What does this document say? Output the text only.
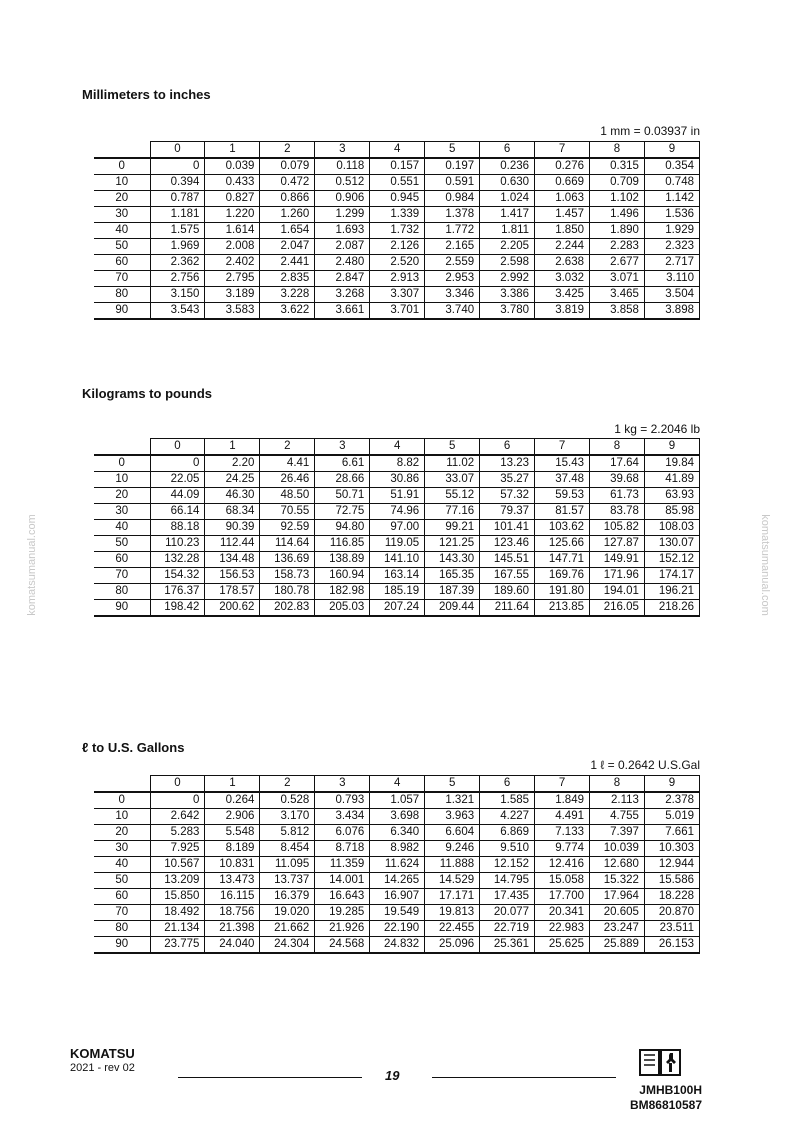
Millimeters to inches

1 mm = 0.03937 in

	0	1	2	3	4	5	6	7	8	9
0	0	0.039	0.079	0.118	0.157	0.197	0.236	0.276	0.315	0.354
10	0.394	0.433	0.472	0.512	0.551	0.591	0.630	0.669	0.709	0.748
20	0.787	0.827	0.866	0.906	0.945	0.984	1.024	1.063	1.102	1.142
30	1.181	1.220	1.260	1.299	1.339	1.378	1.417	1.457	1.496	1.536
40	1.575	1.614	1.654	1.693	1.732	1.772	1.811	1.850	1.890	1.929
50	1.969	2.008	2.047	2.087	2.126	2.165	2.205	2.244	2.283	2.323
60	2.362	2.402	2.441	2.480	2.520	2.559	2.598	2.638	2.677	2.717
70	2.756	2.795	2.835	2.847	2.913	2.953	2.992	3.032	3.071	3.110
80	3.150	3.189	3.228	3.268	3.307	3.346	3.386	3.425	3.465	3.504
90	3.543	3.583	3.622	3.661	3.701	3.740	3.780	3.819	3.858	3.898
Kilograms to pounds

1 kg = 2.2046 lb

	0	1	2	3	4	5	6	7	8	9
0	0	2.20	4.41	6.61	8.82	11.02	13.23	15.43	17.64	19.84
10	22.05	24.25	26.46	28.66	30.86	33.07	35.27	37.48	39.68	41.89
20	44.09	46.30	48.50	50.71	51.91	55.12	57.32	59.53	61.73	63.93
30	66.14	68.34	70.55	72.75	74.96	77.16	79.37	81.57	83.78	85.98
40	88.18	90.39	92.59	94.80	97.00	99.21	101.41	103.62	105.82	108.03
50	110.23	112.44	114.64	116.85	119.05	121.25	123.46	125.66	127.87	130.07
60	132.28	134.48	136.69	138.89	141.10	143.30	145.51	147.71	149.91	152.12
70	154.32	156.53	158.73	160.94	163.14	165.35	167.55	169.76	171.96	174.17
80	176.37	178.57	180.78	182.98	185.19	187.39	189.60	191.80	194.01	196.21
90	198.42	200.62	202.83	205.03	207.24	209.44	211.64	213.85	216.05	218.26
ℓ to U.S. Gallons

1 ℓ = 0.2642 U.S.Gal

	0	1	2	3	4	5	6	7	8	9
0	0	0.264	0.528	0.793	1.057	1.321	1.585	1.849	2.113	2.378
10	2.642	2.906	3.170	3.434	3.698	3.963	4.227	4.491	4.755	5.019
20	5.283	5.548	5.812	6.076	6.340	6.604	6.869	7.133	7.397	7.661
30	7.925	8.189	8.454	8.718	8.982	9.246	9.510	9.774	10.039	10.303
40	10.567	10.831	11.095	11.359	11.624	11.888	12.152	12.416	12.680	12.944
50	13.209	13.473	13.737	14.001	14.265	14.529	14.795	15.058	15.322	15.586
60	15.850	16.115	16.379	16.643	16.907	17.171	17.435	17.700	17.964	18.228
70	18.492	18.756	19.020	19.285	19.549	19.813	20.077	20.341	20.605	20.870
80	21.134	21.398	21.662	21.926	22.190	22.455	22.719	22.983	23.247	23.511
90	23.775	24.040	24.304	24.568	24.832	25.096	25.361	25.625	25.889	26.153
komatsumanual.com	komatsumanual.com
KOMATSU
2021 - rev 02	19
JMHB100H
BM86810587
